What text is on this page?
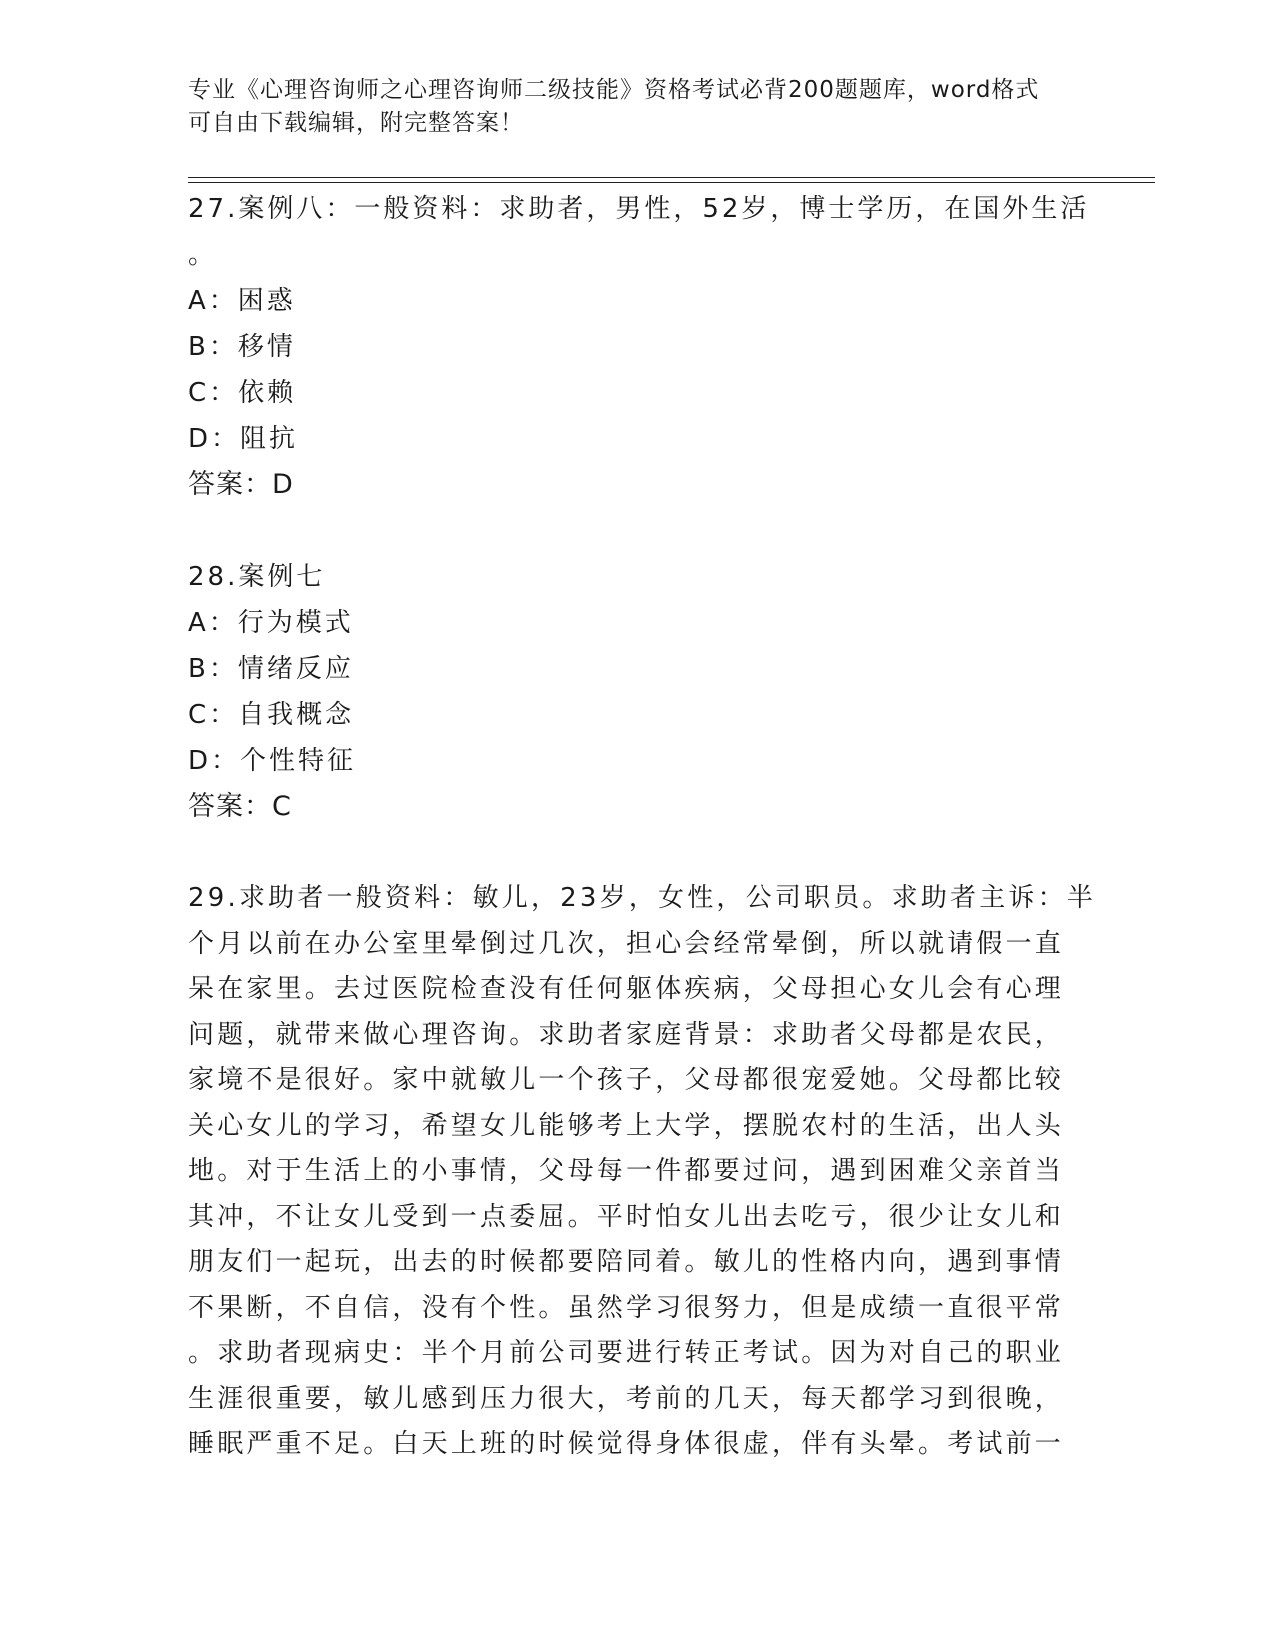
专业《心理咨询师之心理咨询师二级技能》资格考试必背200题题库，word格式
可自由下载编辑，附完整答案！
27.案例八：一般资料：求助者，男性，52岁，博士学历，在国外生活
。
A：困惑
B：移情
C：依赖
D：阻抗
答案：D
28.案例七
A：行为模式
B：情绪反应
C：自我概念
D：个性特征
答案：C
29.求助者一般资料：敏儿，23岁，女性，公司职员。求助者主诉：半
个月以前在办公室里晕倒过几次，担心会经常晕倒，所以就请假一直
呆在家里。去过医院检查没有任何躯体疾病，父母担心女儿会有心理
问题，就带来做心理咨询。求助者家庭背景：求助者父母都是农民，
家境不是很好。家中就敏儿一个孩子，父母都很宠爱她。父母都比较
关心女儿的学习，希望女儿能够考上大学，摆脱农村的生活，出人头
地。对于生活上的小事情，父母每一件都要过问，遇到困难父亲首当
其冲，不让女儿受到一点委屈。平时怕女儿出去吃亏，很少让女儿和
朋友们一起玩，出去的时候都要陪同着。敏儿的性格内向，遇到事情
不果断，不自信，没有个性。虽然学习很努力，但是成绩一直很平常
。求助者现病史：半个月前公司要进行转正考试。因为对自己的职业
生涯很重要，敏儿感到压力很大，考前的几天，每天都学习到很晚，
睡眠严重不足。白天上班的时候觉得身体很虚，伴有头晕。考试前一
